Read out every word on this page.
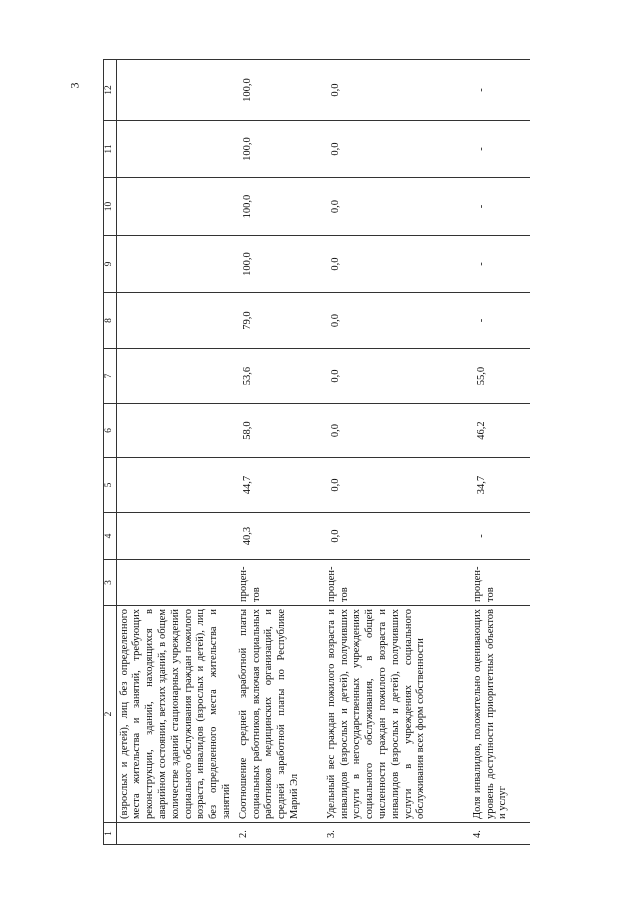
3
1	2	3	4	5	6	7	8	9	10	11	12
	(взрослых и детей), лиц без определенного места жительства и занятий, требующих реконструкции, зданий, находящихся в аварийном состоянии, ветхих зданий, в общем количестве зданий стационарных учреждений социального обслуживания граждан пожилого возраста, инвалидов (взрослых и детей), лиц без определенного места жительства и занятий										
2.	Соотношение средней заработной платы социальных работников, включая социальных работников медицинских организаций, и средней заработной платы по Республике Марий Эл	процен-тов	40,3	44,7	58,0	53,6	79,0	100,0	100,0	100,0	100,0
3.	Удельный вес граждан пожилого возраста и инвалидов (взрослых и детей), получивших услуги в негосударственных учреждениях социального обслуживания, в общей численности граждан пожилого возраста и инвалидов (взрослых и детей), получивших услуги в учреждениях социального обслуживания всех форм собственности	процен-тов	0,0	0,0	0,0	0,0	0,0	0,0	0,0	0,0	0,0
4.	Доля инвалидов, положительно оценивающих уровень доступности приоритетных объектов и услуг	процен-тов	-	34,7	46,2	55,0	-	-	-	-	-
